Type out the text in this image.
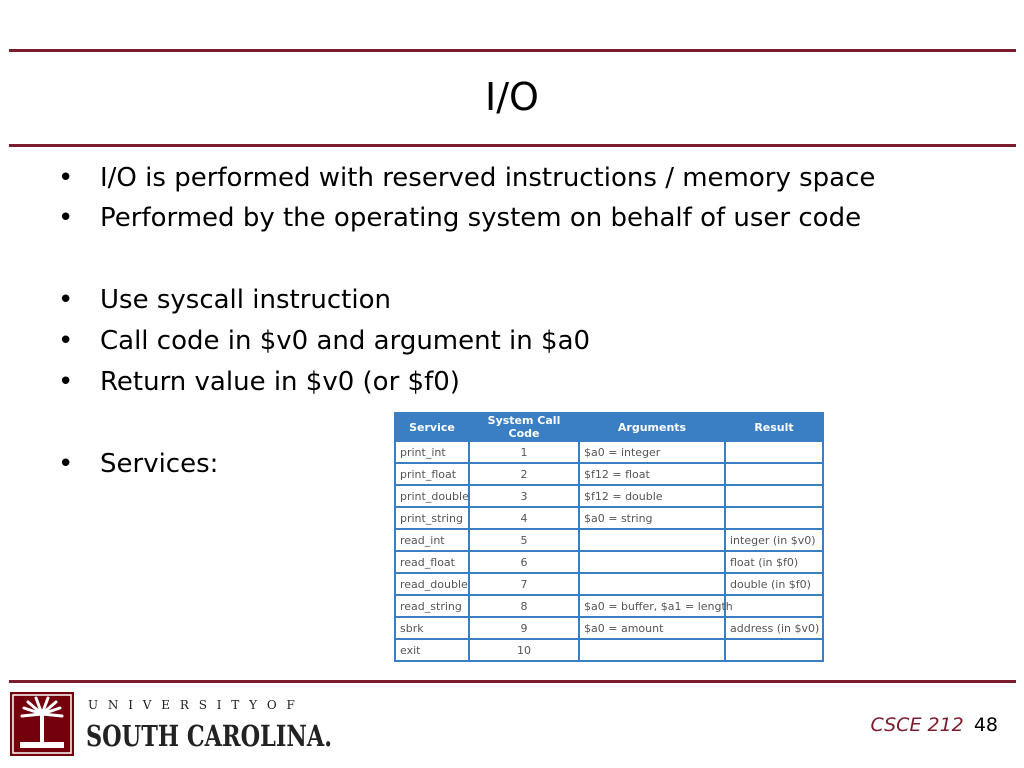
I/O
• I/O is performed with reserved instructions / memory space
• Performed by the operating system on behalf of user code
• Use syscall instruction
• Call code in $v0 and argument in $a0
• Return value in $v0 (or $f0)
• Services:
Service	System Call Code	Arguments	Result
print_int	1	$a0 = integer	
print_float	2	$f12 = float	
print_double	3	$f12 = double	
print_string	4	$a0 = string	
read_int	5		integer (in $v0)
read_float	6		float (in $f0)
read_double	7		double (in $f0)
read_string	8	$a0 = buffer, $a1 = length	
sbrk	9	$a0 = amount	address (in $v0)
exit	10		
U N I V E R S I T Y O F
SOUTH CAROLINA.	CSCE 212 48
